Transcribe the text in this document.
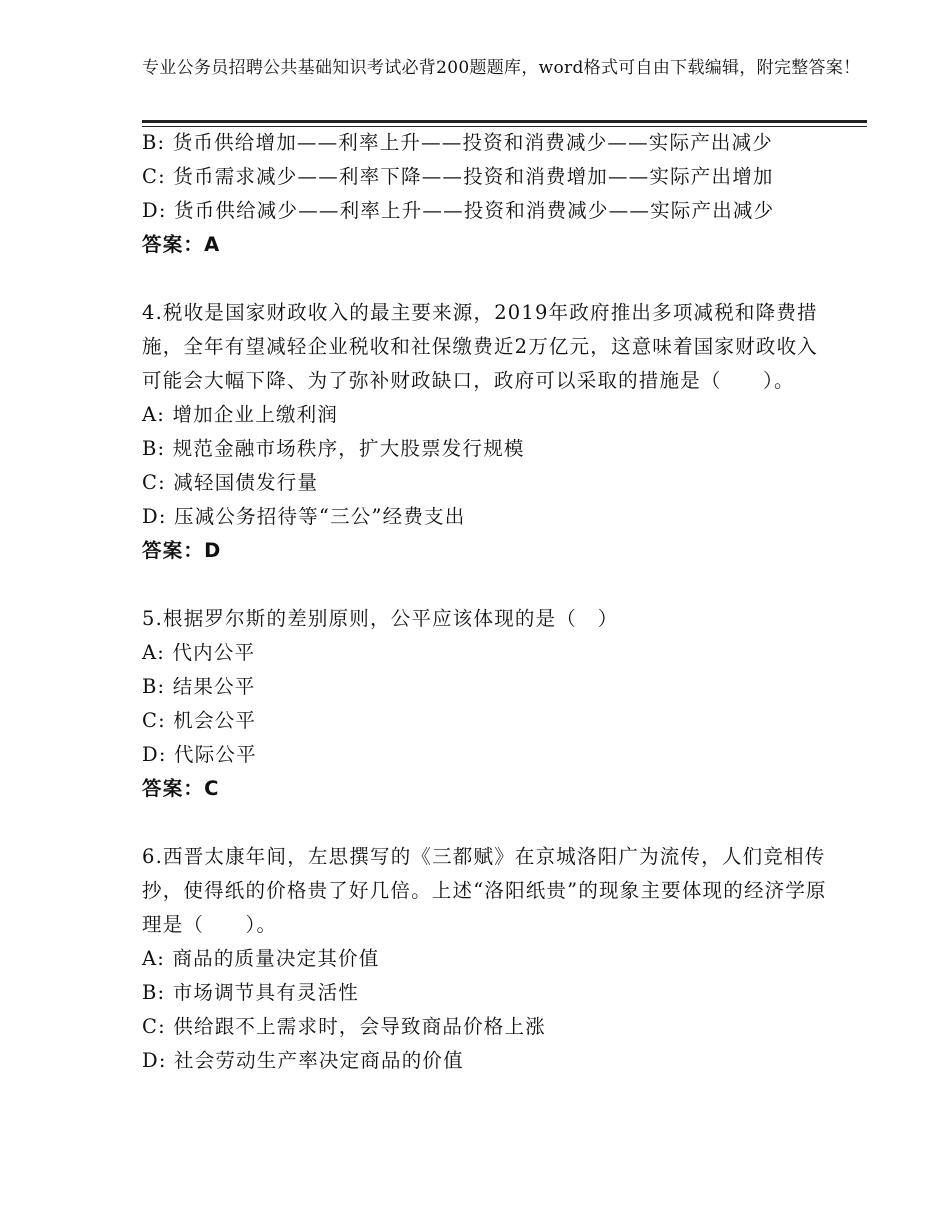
专业公务员招聘公共基础知识考试必背200题题库，word格式可自由下载编辑，附完整答案！
B: 货币供给增加——利率上升——投资和消费减少——实际产出减少
C: 货币需求减少——利率下降——投资和消费增加——实际产出增加
D: 货币供给减少——利率上升——投资和消费减少——实际产出减少
答案：A
4.税收是国家财政收入的最主要来源，2019年政府推出多项减税和降费措施，全年有望减轻企业税收和社保缴费近2万亿元，这意味着国家财政收入可能会大幅下降、为了弥补财政缺口，政府可以采取的措施是（　　）。
A: 增加企业上缴利润
B: 规范金融市场秩序，扩大股票发行规模
C: 减轻国债发行量
D: 压减公务招待等“三公”经费支出
答案：D
5.根据罗尔斯的差别原则，公平应该体现的是（　）
A: 代内公平
B: 结果公平
C: 机会公平
D: 代际公平
答案：C
6.西晋太康年间，左思撰写的《三都赋》在京城洛阳广为流传，人们竞相传抄，使得纸的价格贵了好几倍。上述“洛阳纸贵”的现象主要体现的经济学原理是（　　）。
A: 商品的质量决定其价值
B: 市场调节具有灵活性
C: 供给跟不上需求时，会导致商品价格上涨
D: 社会劳动生产率决定商品的价值
